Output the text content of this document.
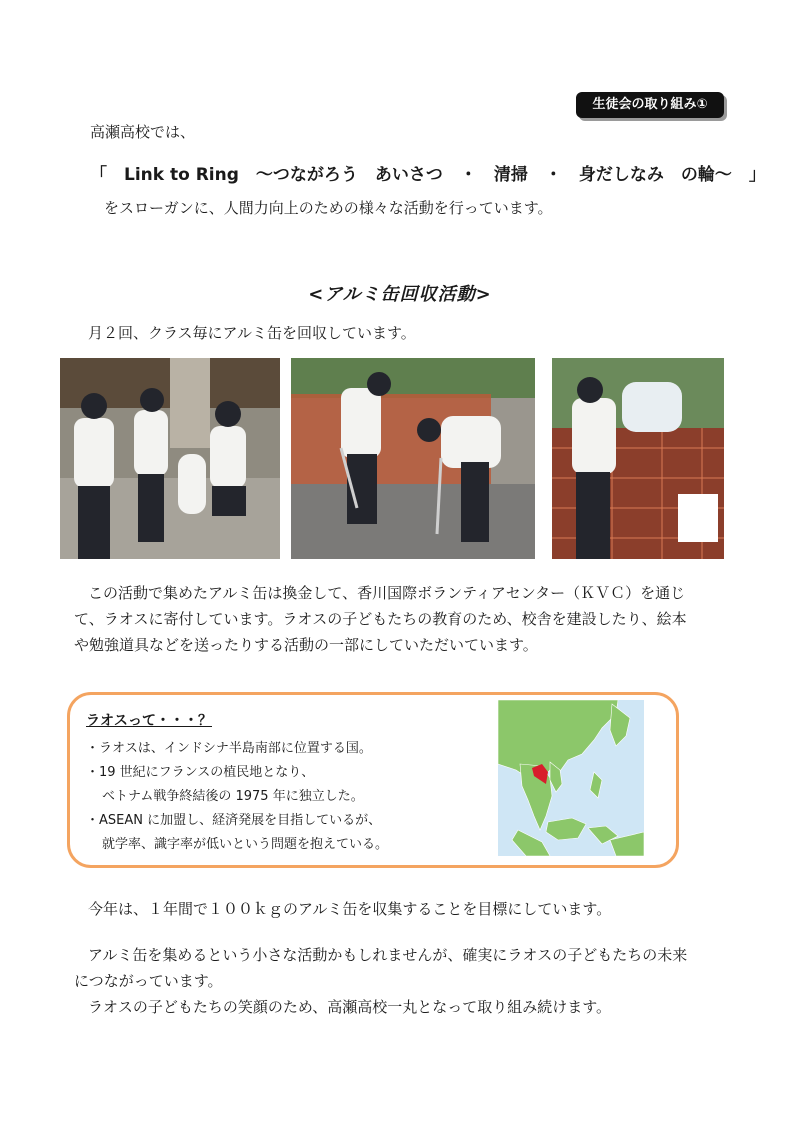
生徒会の取り組み①
高瀬高校では、
「　Link to Ring　～つながろう　あいさつ　・　清掃　・　身だしなみ　の輪～　」
をスローガンに、人間力向上のための様々な活動を行っています。
<アルミ缶回収活動>
月２回、クラス毎にアルミ缶を回収しています。
この活動で集めたアルミ缶は換金して、香川国際ボランティアセンター（ＫＶＣ）を通じ
て、ラオスに寄付しています。ラオスの子どもたちの教育のため、校舎を建設したり、絵本
や勉強道具などを送ったりする活動の一部にしていただいています。
ラオスって・・・？
・ラオスは、インドシナ半島南部に位置する国。
・19 世紀にフランスの植民地となり、
ベトナム戦争終結後の 1975 年に独立した。
・ASEAN に加盟し、経済発展を目指しているが、
就学率、識字率が低いという問題を抱えている。
今年は、１年間で１００ｋｇのアルミ缶を収集することを目標にしています。
アルミ缶を集めるという小さな活動かもしれませんが、確実にラオスの子どもたちの未来
につながっています。
ラオスの子どもたちの笑顔のため、高瀬高校一丸となって取り組み続けます。
